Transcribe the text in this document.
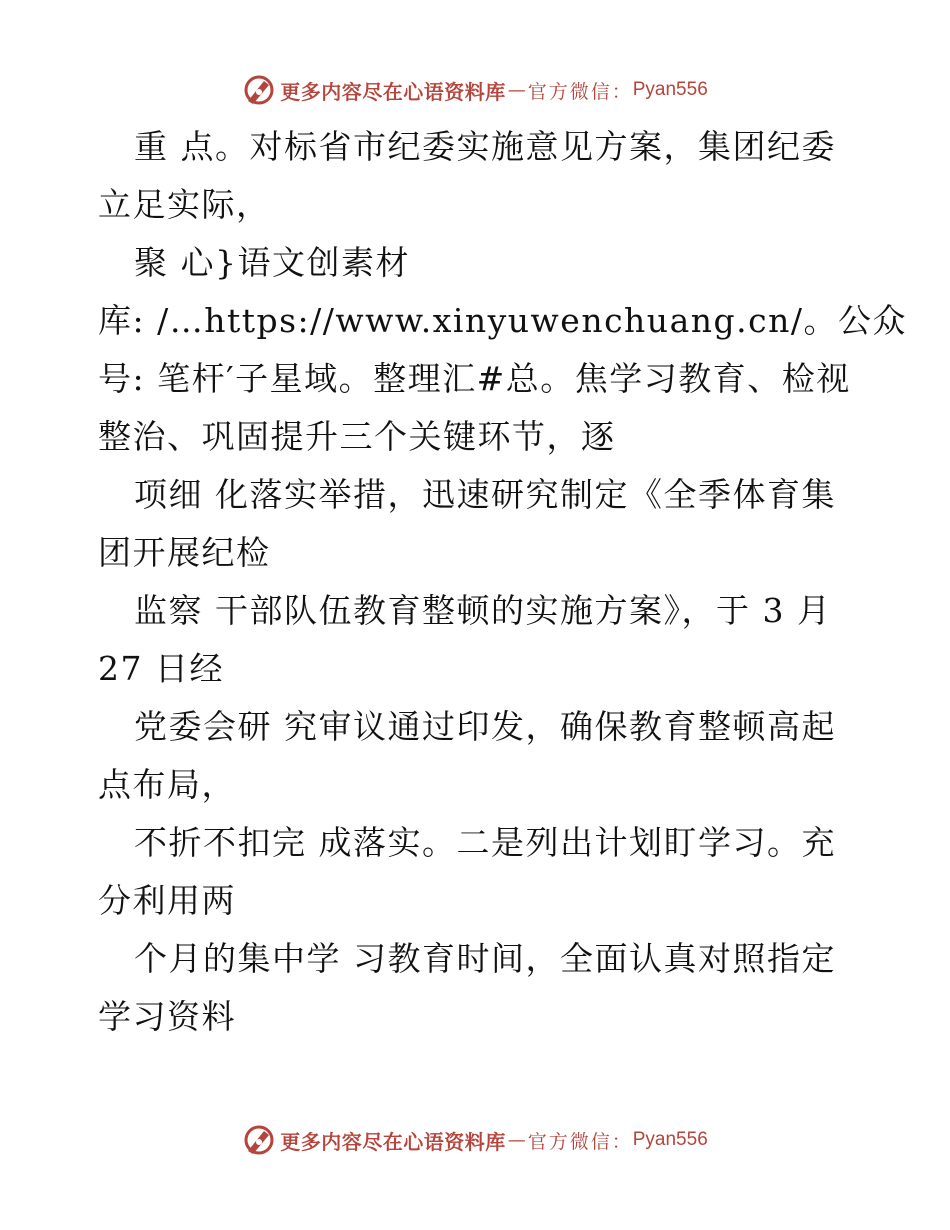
更多内容尽在心语资料库 — 官方微信： Pyan556
重 点。对标省市纪委实施意见方案，集团纪委
立足实际，
聚 心}语文创素材
库: /…https://www.xinyuwenchuang.cn/。公众
号: 笔杆′子星域。整理汇#总。焦学习教育、检视
整治、巩固提升三个关键环节，逐
项细 化落实举措，迅速研究制定《全季体育集
团开展纪检
监察 干部队伍教育整顿的实施方案》，于 3 月
27 日经
党委会研 究审议通过印发，确保教育整顿高起
点布局，
不折不扣完 成落实。二是列出计划盯学习。充
分利用两
个月的集中学 习教育时间，全面认真对照指定
学习资料
更多内容尽在心语资料库 — 官方微信： Pyan556
